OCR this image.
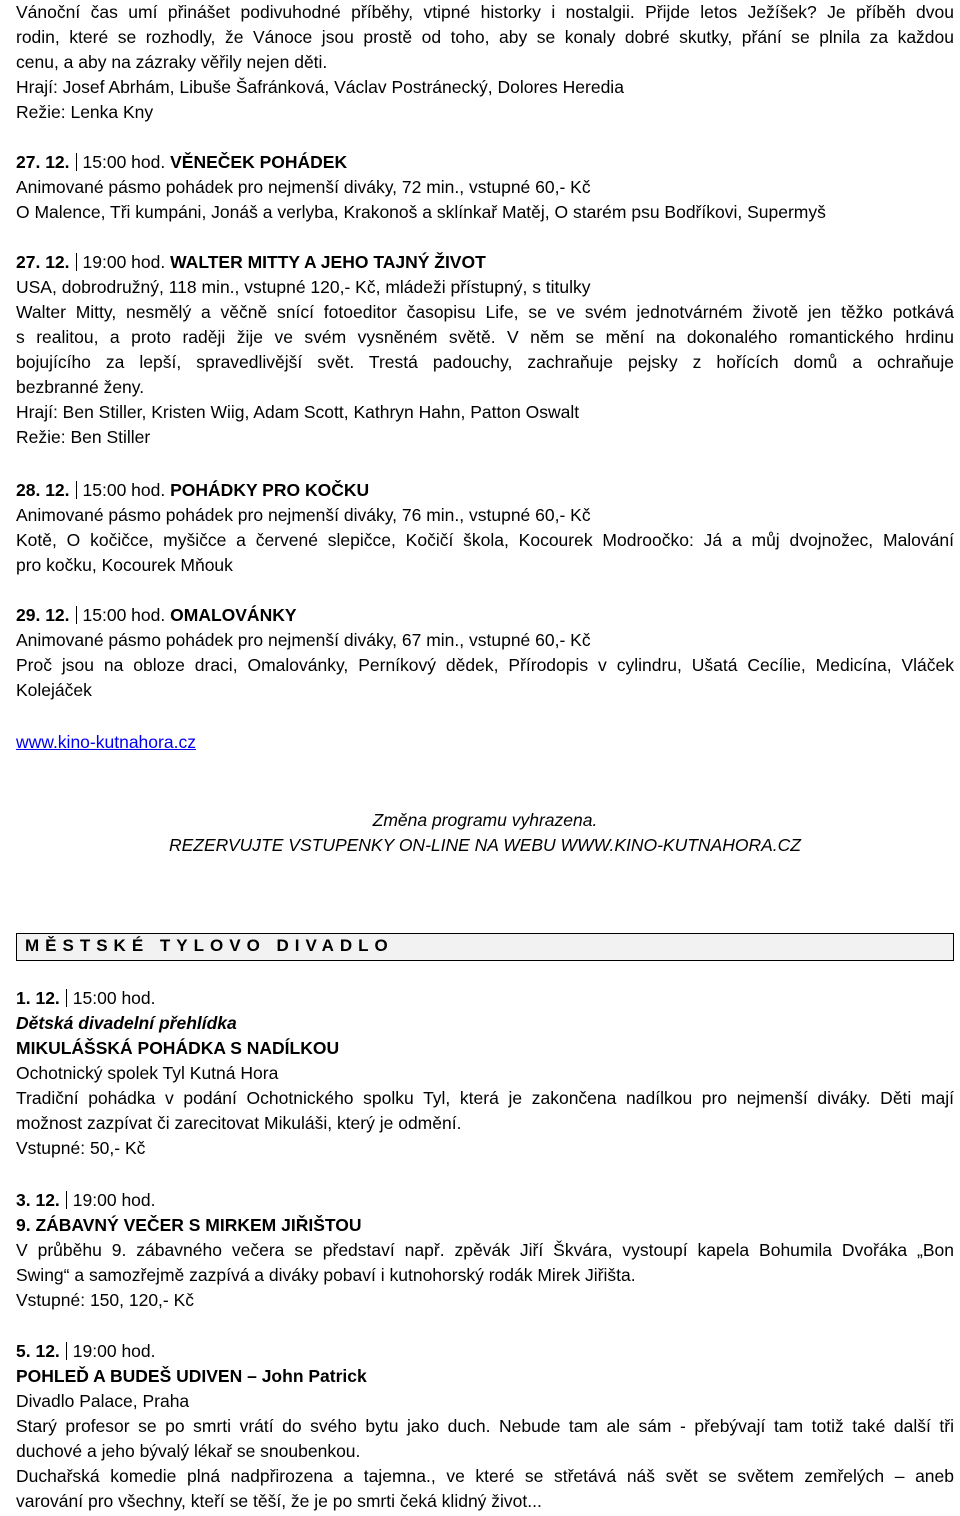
Vánoční čas umí přinášet podivuhodné příběhy, vtipné historky i nostalgii. Přijde letos Ježíšek? Je příběh dvou
rodin, které se rozhodly, že Vánoce jsou prostě od toho, aby se konaly dobré skutky, přání se plnila za každou
cenu, a aby na zázraky věřily nejen děti.
Hrají: Josef Abrhám, Libuše Šafránková, Václav Postránecký, Dolores Heredia
Režie: Lenka Kny
27. 12. 15:00 hod. VĚNEČEK POHÁDEK
Animované pásmo pohádek pro nejmenší diváky, 72 min., vstupné 60,- Kč
O Malence, Tři kumpáni, Jonáš a verlyba, Krakonoš a sklínkař Matěj, O starém psu Bodříkovi, Supermyš
27. 12. 19:00 hod. WALTER MITTY A JEHO TAJNÝ ŽIVOT
USA, dobrodružný, 118 min., vstupné 120,- Kč, mládeži přístupný, s titulky
Walter Mitty, nesmělý a věčně snící fotoeditor časopisu Life, se ve svém jednotvárném životě jen těžko potkává
s realitou, a proto raději žije ve svém vysněném světě. V něm se mění na dokonalého romantického hrdinu
bojujícího za lepší, spravedlivější svět. Trestá padouchy, zachraňuje pejsky z hořících domů a ochraňuje
bezbranné ženy.
Hrají: Ben Stiller, Kristen Wiig, Adam Scott, Kathryn Hahn, Patton Oswalt
Režie: Ben Stiller
28. 12. 15:00 hod. POHÁDKY PRO KOČKU
Animované pásmo pohádek pro nejmenší diváky, 76 min., vstupné 60,- Kč
Kotě, O kočičce, myšičce a červené slepičce, Kočičí škola, Kocourek Modroočko: Já a můj dvojnožec, Malování
pro kočku, Kocourek Mňouk
29. 12. 15:00 hod. OMALOVÁNKY
Animované pásmo pohádek pro nejmenší diváky, 67 min., vstupné 60,- Kč
Proč jsou na obloze draci, Omalovánky, Perníkový dědek, Přírodopis v cylindru, Ušatá Cecílie, Medicína, Vláček
Kolejáček
www.kino-kutnahora.cz
Změna programu vyhrazena.
REZERVUJTE VSTUPENKY ON-LINE NA WEBU WWW.KINO-KUTNAHORA.CZ
MĚSTSKÉ TYLOVO DIVADLO
1. 12. 15:00 hod.
Dětská divadelní přehlídka
MIKULÁŠSKÁ POHÁDKA S NADÍLKOU
Ochotnický spolek Tyl Kutná Hora
Tradiční pohádka v podání Ochotnického spolku Tyl, která je zakončena nadílkou pro nejmenší diváky. Děti mají
možnost zazpívat či zarecitovat Mikuláši, který je odmění.
Vstupné: 50,- Kč
3. 12. 19:00 hod.
9. ZÁBAVNÝ VEČER S MIRKEM JIŘIŠTOU
V průběhu 9. zábavného večera se představí např. zpěvák Jiří Škvára, vystoupí kapela Bohumila Dvořáka „Bon
Swing“ a samozřejmě zazpívá a diváky pobaví i kutnohorský rodák Mirek Jiřišta.
Vstupné: 150, 120,- Kč
5. 12. 19:00 hod.
POHLEĎ A BUDEŠ UDIVEN – John Patrick
Divadlo Palace, Praha
Starý profesor se po smrti vrátí do svého bytu jako duch. Nebude tam ale sám - přebývají tam totiž také další tři
duchové a jeho bývalý lékař se snoubenkou.
Duchařská komedie plná nadpřirozena a tajemna., ve které se střetává náš svět se světem zemřelých – aneb
varování pro všechny, kteří se těší, že je po smrti čeká klidný život...
